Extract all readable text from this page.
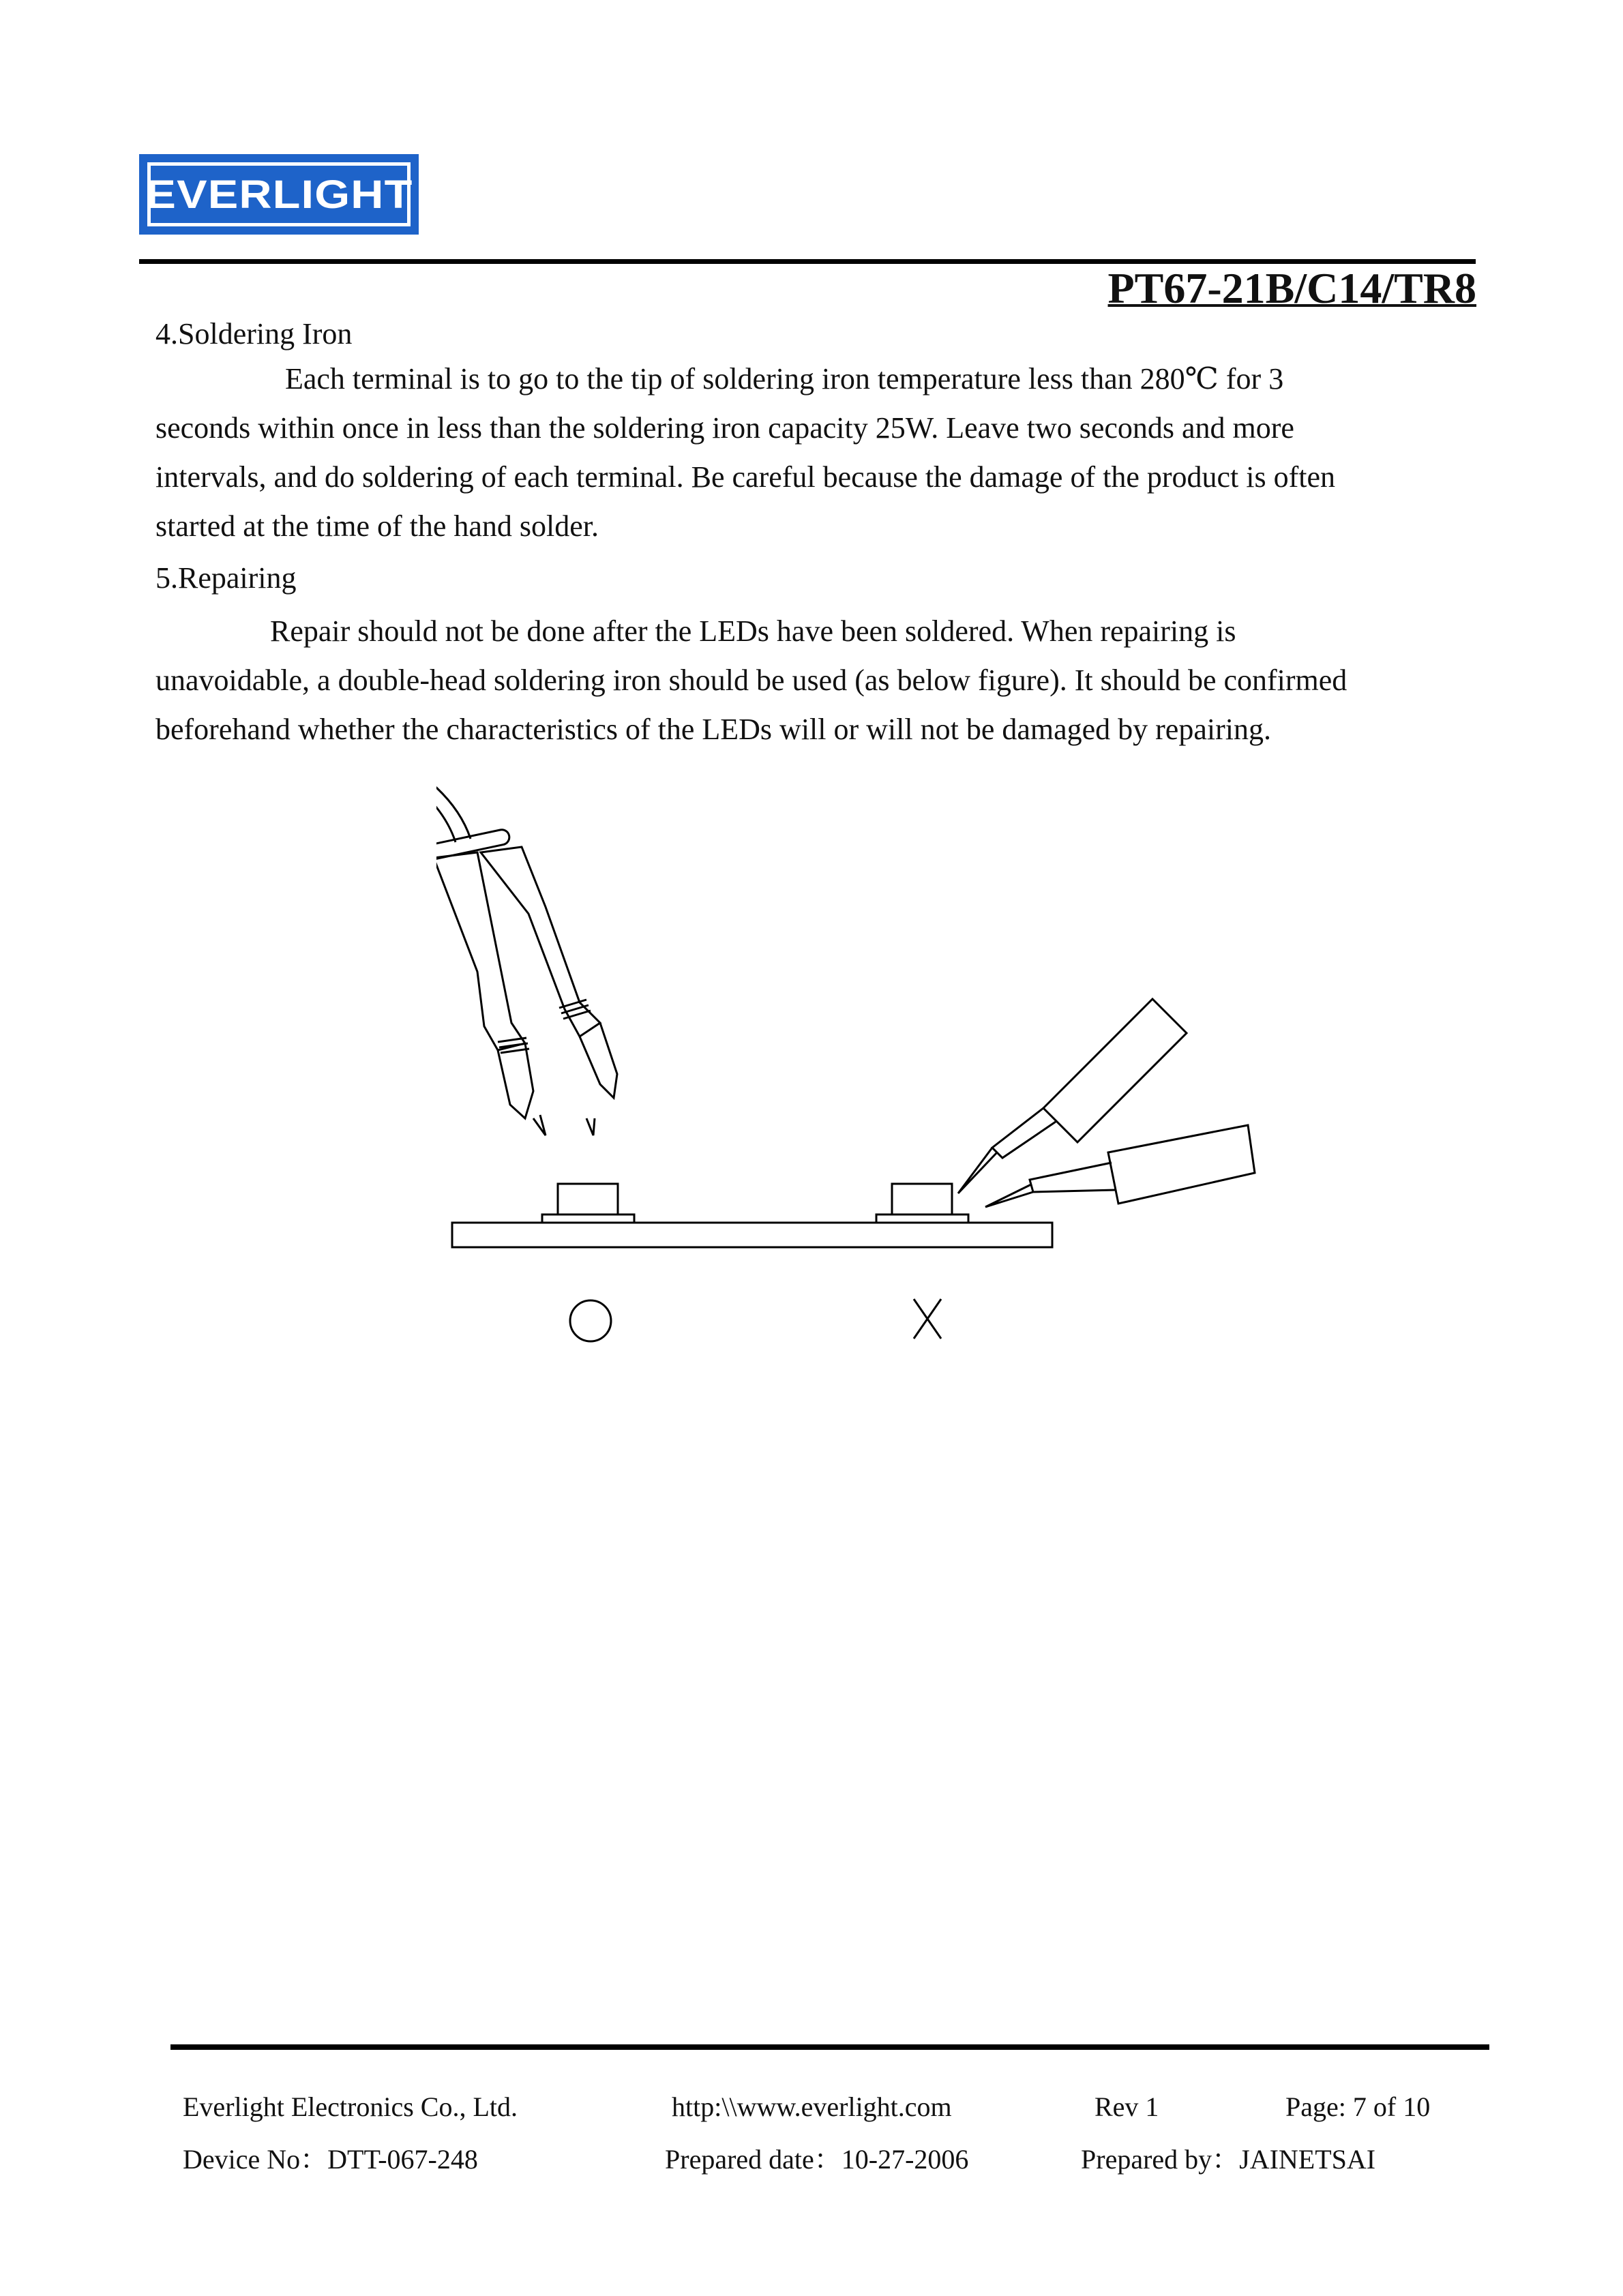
EVERLIGHT
PT67-21B/C14/TR8
4.Soldering Iron
Each terminal is to go to the tip of soldering iron temperature less than 280℃ for 3
seconds within once in less than the soldering iron capacity 25W. Leave two seconds and more
intervals, and do soldering of each terminal. Be careful because the damage of the product is often
started at the time of the hand solder.
5.Repairing
Repair should not be done after the LEDs have been soldered. When repairing is
unavoidable, a double-head soldering iron should be used (as below figure). It should be confirmed
beforehand whether the characteristics of the LEDs will or will not be damaged by repairing.
Everlight Electronics Co., Ltd.	http:\\www.everlight.com	Rev 1	Page: 7 of 10
Device No：DTT-067-248	Prepared date：10-27-2006	Prepared by：JAINETSAI
